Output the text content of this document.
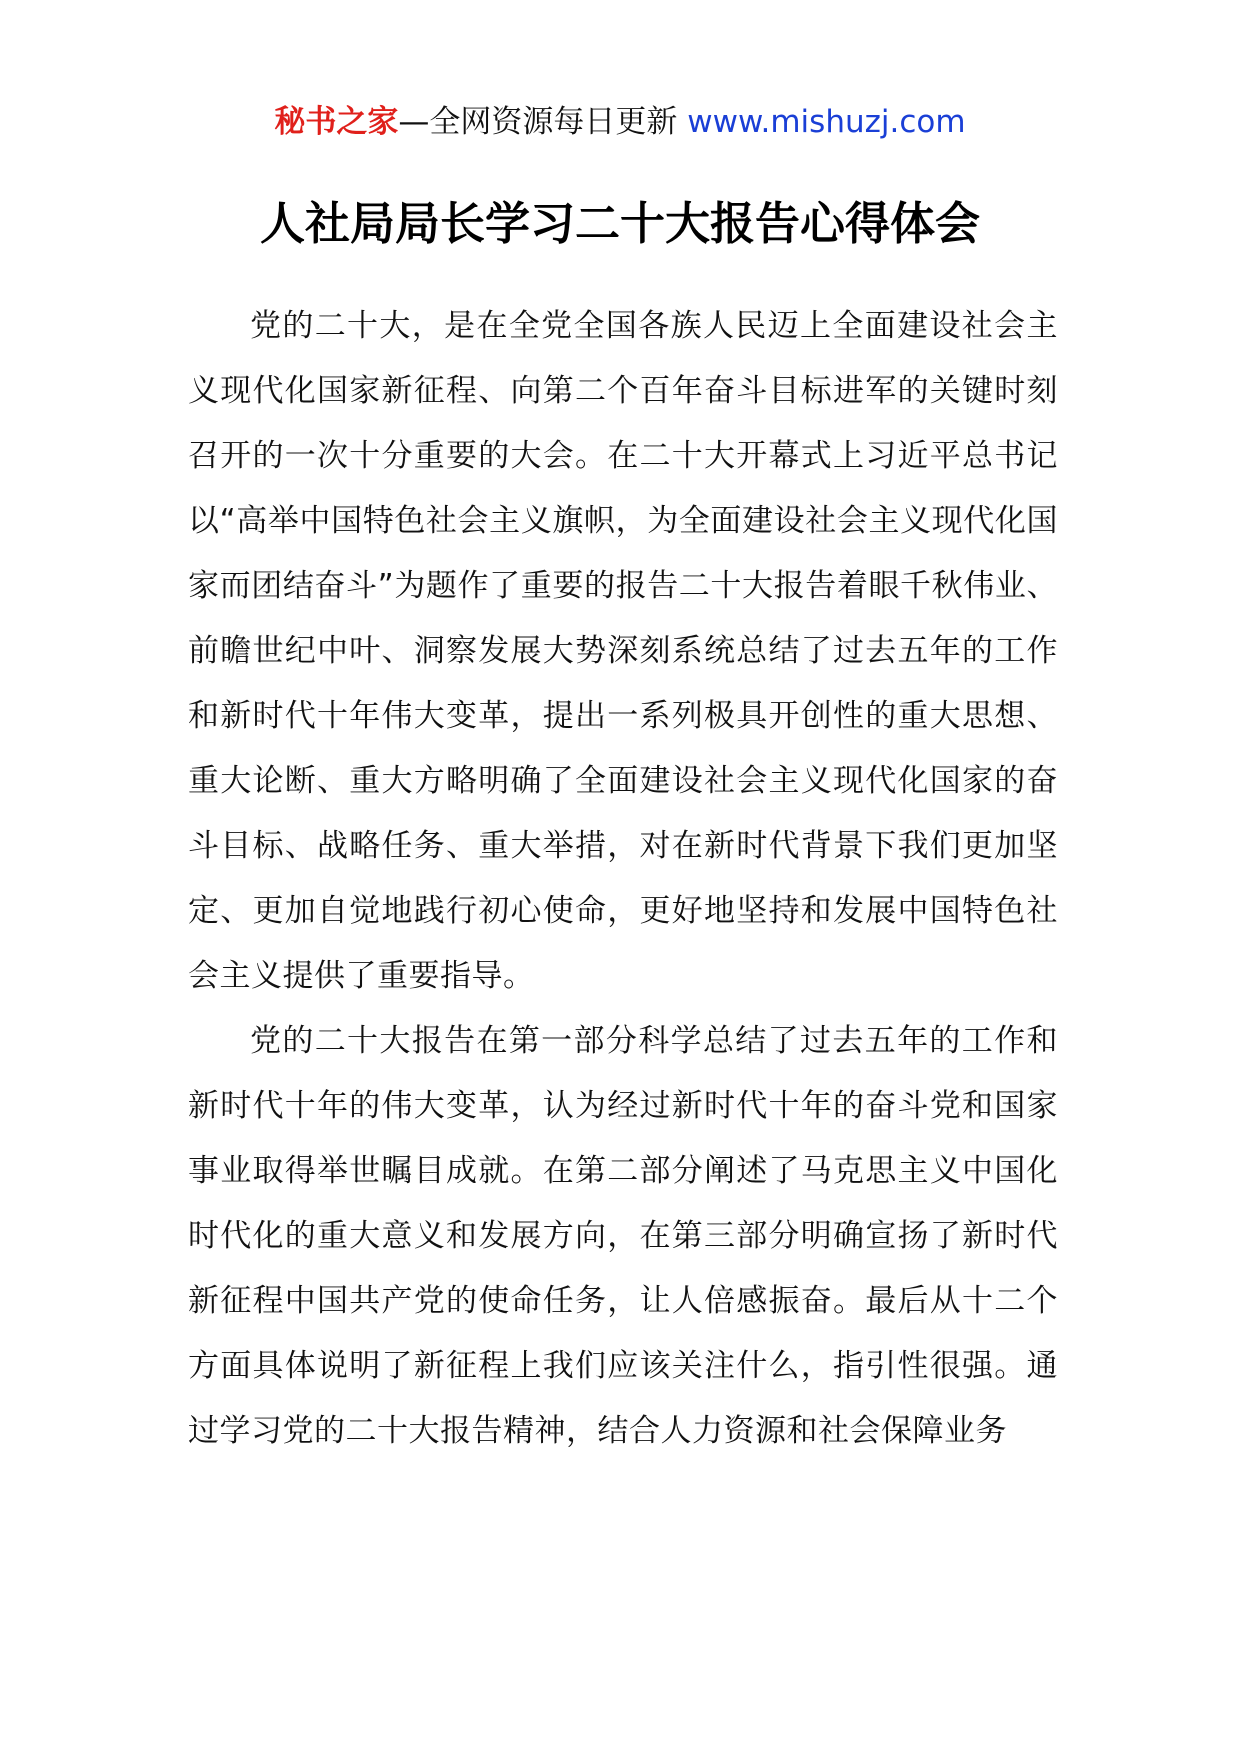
秘书之家—全网资源每日更新 www.mishuzj.com
人社局局长学习二十大报告心得体会

党的二十大，是在全党全国各族人民迈上全面建设社会主义现代化国家新征程、向第二个百年奋斗目标进军的关键时刻召开的一次十分重要的大会。在二十大开幕式上习近平总书记以“高举中国特色社会主义旗帜，为全面建设社会主义现代化国家而团结奋斗”为题作了重要的报告二十大报告着眼千秋伟业、前瞻世纪中叶、洞察发展大势深刻系统总结了过去五年的工作和新时代十年伟大变革，提出一系列极具开创性的重大思想、重大论断、重大方略明确了全面建设社会主义现代化国家的奋斗目标、战略任务、重大举措，对在新时代背景下我们更加坚定、更加自觉地践行初心使命，更好地坚持和发展中国特色社会主义提供了重要指导。

党的二十大报告在第一部分科学总结了过去五年的工作和新时代十年的伟大变革，认为经过新时代十年的奋斗党和国家事业取得举世瞩目成就。在第二部分阐述了马克思主义中国化时代化的重大意义和发展方向，在第三部分明确宣扬了新时代新征程中国共产党的使命任务，让人倍感振奋。最后从十二个方面具体说明了新征程上我们应该关注什么，指引性很强。通过学习党的二十大报告精神，结合人力资源和社会保障业务
